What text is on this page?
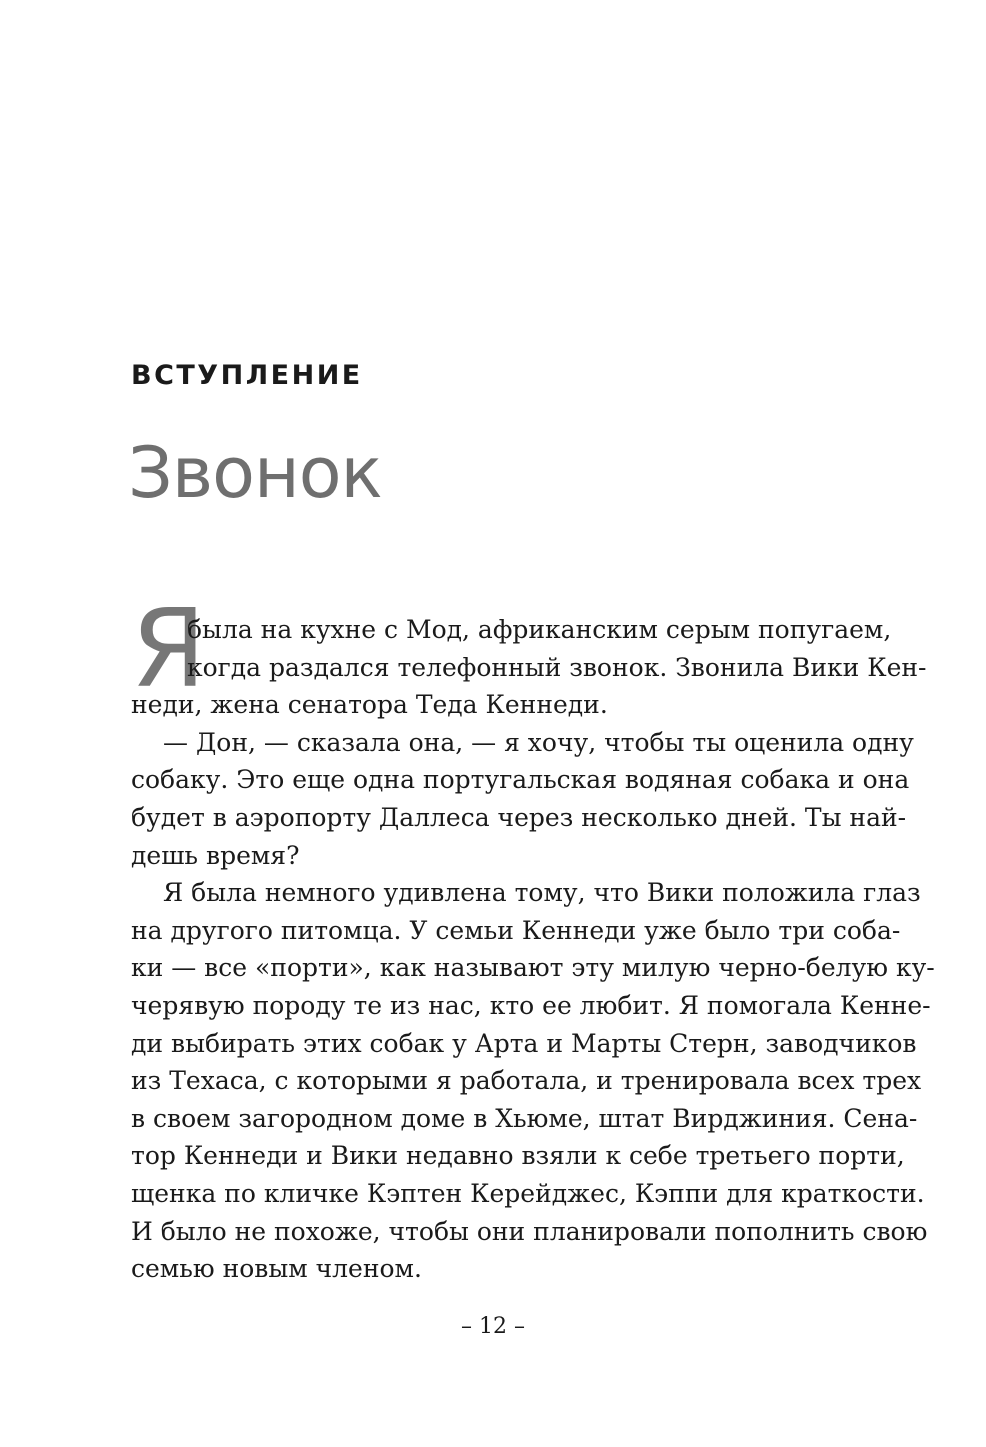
ВСТУПЛЕНИЕ
Звонок
Я
была на кухне с Мод, африканским серым попугаем,
когда раздался телефонный звонок. Звонила Вики Кен-
неди, жена сенатора Теда Кеннеди.
— Дон, — сказала она, — я хочу, чтобы ты оценила одну
собаку. Это еще одна португальская водяная собака и она
будет в аэропорту Даллеса через несколько дней. Ты най-
дешь время?
Я была немного удивлена тому, что Вики положила глаз
на другого питомца. У семьи Кеннеди уже было три соба-
ки — все «порти», как называют эту милую черно-белую ку-
черявую породу те из нас, кто ее любит. Я помогала Кенне-
ди выбирать этих собак у Арта и Марты Стерн, заводчиков
из Техаса, с которыми я работала, и тренировала всех трех
в своем загородном доме в Хьюме, штат Вирджиния. Сена-
тор Кеннеди и Вики недавно взяли к себе третьего порти,
щенка по кличке Кэптен Керейджес, Кэппи для краткости.
И было не похоже, чтобы они планировали пополнить свою
семью новым членом.
– 12 –
